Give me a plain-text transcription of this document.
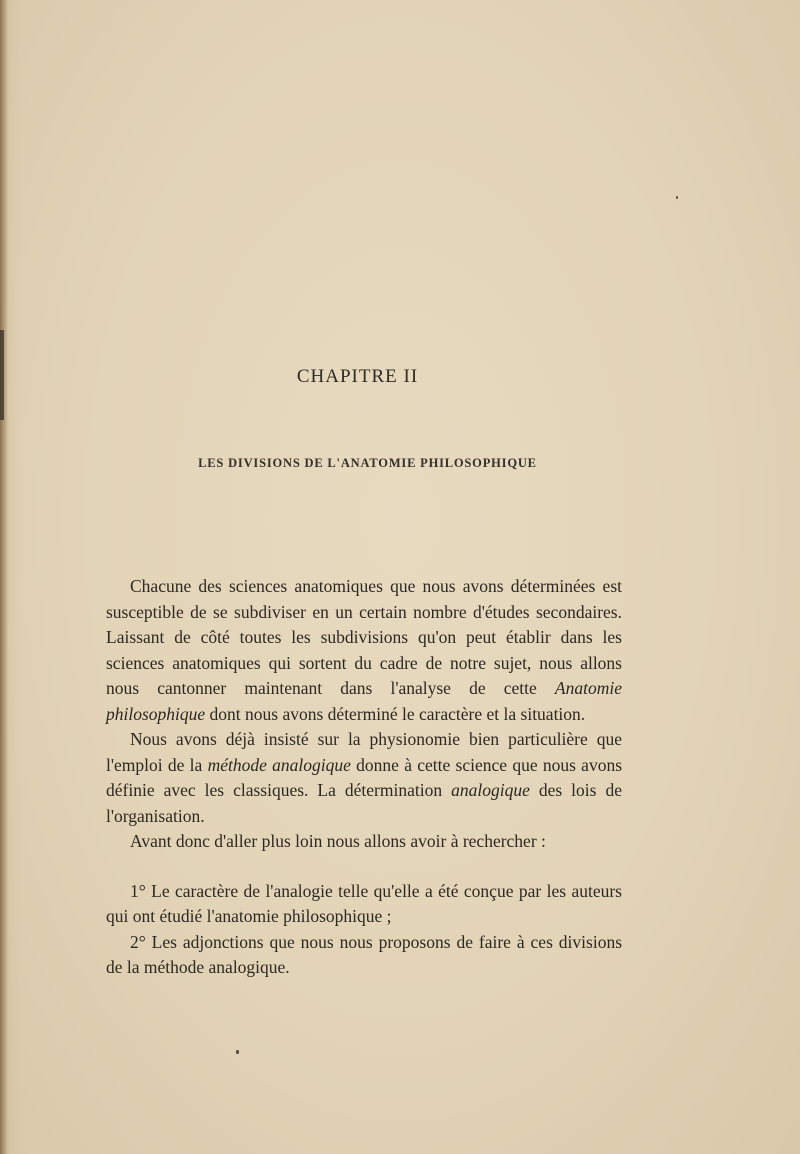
CHAPITRE II
LES DIVISIONS DE L'ANATOMIE PHILOSOPHIQUE

Chacune des sciences anatomiques que nous avons déterminées est susceptible de se subdiviser en un certain nombre d'études secondaires. Laissant de côté toutes les subdivisions qu'on peut établir dans les sciences anatomiques qui sortent du cadre de notre sujet, nous allons nous cantonner maintenant dans l'analyse de cette Anatomie philosophique dont nous avons déterminé le caractère et la situation.

Nous avons déjà insisté sur la physionomie bien particulière que l'emploi de la méthode analogique donne à cette science que nous avons définie avec les classiques. La détermination analogique des lois de l'organisation.

Avant donc d'aller plus loin nous allons avoir à rechercher :

1° Le caractère de l'analogie telle qu'elle a été conçue par les auteurs qui ont étudié l'anatomie philosophique ;

2° Les adjonctions que nous nous proposons de faire à ces divisions de la méthode analogique.
